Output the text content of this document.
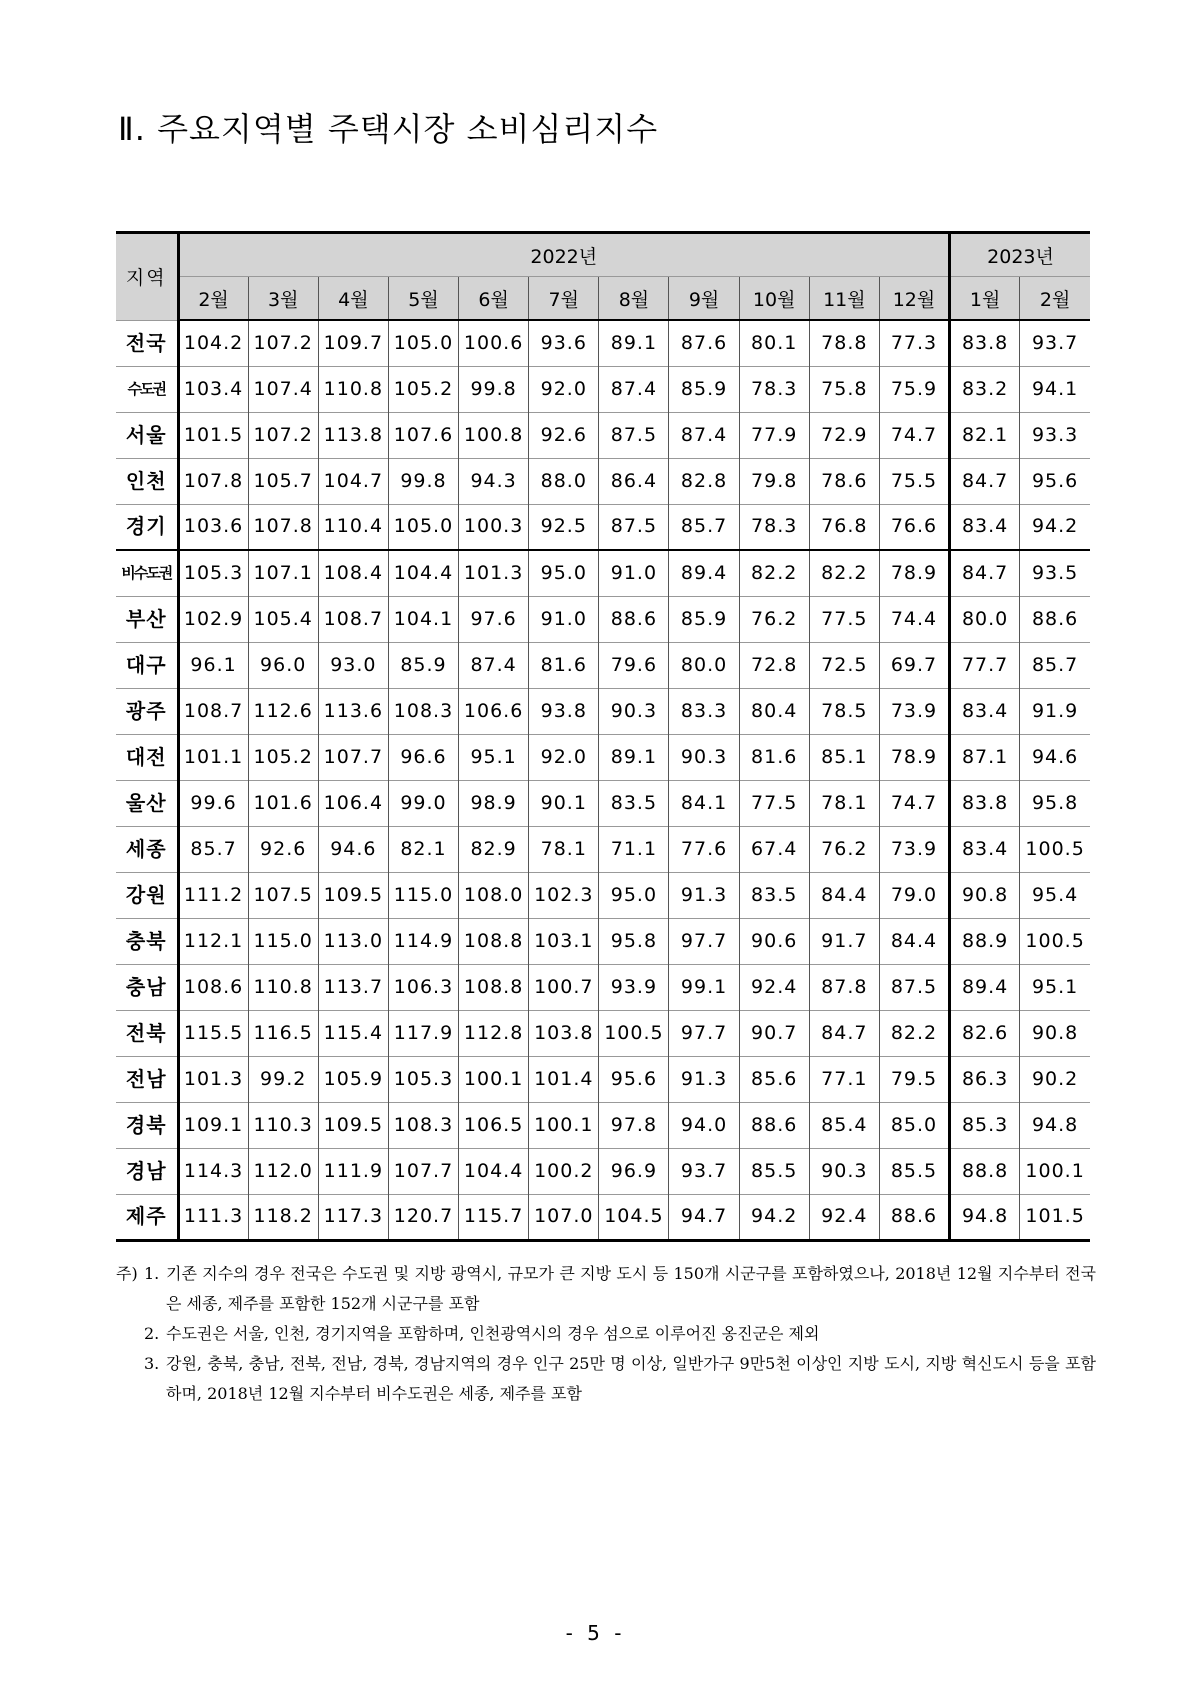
Ⅱ. 주요지역별 주택시장 소비심리지수
지역	2022년											2023년	
	2월	3월	4월	5월	6월	7월	8월	9월	10월	11월	12월	1월	2월
전국	104.2	107.2	109.7	105.0	100.6	93.6	89.1	87.6	80.1	78.8	77.3	83.8	93.7
수도권	103.4	107.4	110.8	105.2	99.8	92.0	87.4	85.9	78.3	75.8	75.9	83.2	94.1
서울	101.5	107.2	113.8	107.6	100.8	92.6	87.5	87.4	77.9	72.9	74.7	82.1	93.3
인천	107.8	105.7	104.7	99.8	94.3	88.0	86.4	82.8	79.8	78.6	75.5	84.7	95.6
경기	103.6	107.8	110.4	105.0	100.3	92.5	87.5	85.7	78.3	76.8	76.6	83.4	94.2
비수도권	105.3	107.1	108.4	104.4	101.3	95.0	91.0	89.4	82.2	82.2	78.9	84.7	93.5
부산	102.9	105.4	108.7	104.1	97.6	91.0	88.6	85.9	76.2	77.5	74.4	80.0	88.6
대구	96.1	96.0	93.0	85.9	87.4	81.6	79.6	80.0	72.8	72.5	69.7	77.7	85.7
광주	108.7	112.6	113.6	108.3	106.6	93.8	90.3	83.3	80.4	78.5	73.9	83.4	91.9
대전	101.1	105.2	107.7	96.6	95.1	92.0	89.1	90.3	81.6	85.1	78.9	87.1	94.6
울산	99.6	101.6	106.4	99.0	98.9	90.1	83.5	84.1	77.5	78.1	74.7	83.8	95.8
세종	85.7	92.6	94.6	82.1	82.9	78.1	71.1	77.6	67.4	76.2	73.9	83.4	100.5
강원	111.2	107.5	109.5	115.0	108.0	102.3	95.0	91.3	83.5	84.4	79.0	90.8	95.4
충북	112.1	115.0	113.0	114.9	108.8	103.1	95.8	97.7	90.6	91.7	84.4	88.9	100.5
충남	108.6	110.8	113.7	106.3	108.8	100.7	93.9	99.1	92.4	87.8	87.5	89.4	95.1
전북	115.5	116.5	115.4	117.9	112.8	103.8	100.5	97.7	90.7	84.7	82.2	82.6	90.8
전남	101.3	99.2	105.9	105.3	100.1	101.4	95.6	91.3	85.6	77.1	79.5	86.3	90.2
경북	109.1	110.3	109.5	108.3	106.5	100.1	97.8	94.0	88.6	85.4	85.0	85.3	94.8
경남	114.3	112.0	111.9	107.7	104.4	100.2	96.9	93.7	85.5	90.3	85.5	88.8	100.1
제주	111.3	118.2	117.3	120.7	115.7	107.0	104.5	94.7	94.2	92.4	88.6	94.8	101.5
주) 1. 기존 지수의 경우 전국은 수도권 및 지방 광역시, 규모가 큰 지방 도시 등 150개 시군구를 포함하였으나, 2018년 12월 지수부터 전국은 세종, 제주를 포함한 152개 시군구를 포함
2. 수도권은 서울, 인천, 경기지역을 포함하며, 인천광역시의 경우 섬으로 이루어진 옹진군은 제외
3. 강원, 충북, 충남, 전북, 전남, 경북, 경남지역의 경우 인구 25만 명 이상, 일반가구 9만5천 이상인 지방 도시, 지방 혁신도시 등을 포함하며, 2018년 12월 지수부터 비수도권은 세종, 제주를 포함
- 5 -
